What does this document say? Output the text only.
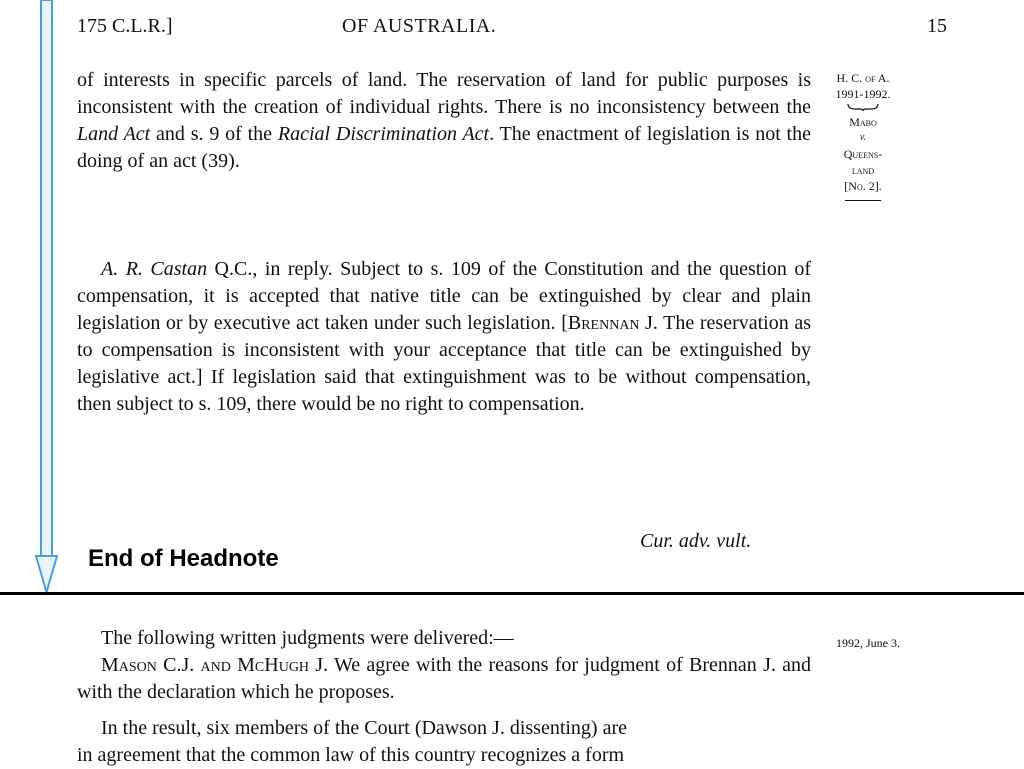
175 C.L.R.]	OF AUSTRALIA.	15
of interests in specific parcels of land. The reservation of land for public purposes is inconsistent with the creation of individual rights. There is no inconsistency between the Land Act and s. 9 of the Racial Discrimination Act. The enactment of legislation is not the doing of an act (39).
H. C. of A.
1991-1992.
Mabo
v.
Queens-
land
[No. 2].
A. R. Castan Q.C., in reply. Subject to s. 109 of the Constitution and the question of compensation, it is accepted that native title can be extinguished by clear and plain legislation or by executive act taken under such legislation. [Brennan J. The reservation as to compensation is inconsistent with your acceptance that title can be extinguished by legislative act.] If legislation said that extinguishment was to be without compensation, then subject to s. 109, there would be no right to compensation.
Cur. adv. vult.
End of Headnote
1992, June 3.
The following written judgments were delivered:—
Mason C.J. and McHugh J. We agree with the reasons for judgment of Brennan J. and with the declaration which he proposes.
In the result, six members of the Court (Dawson J. dissenting) are
in agreement that the common law of this country recognizes a form
